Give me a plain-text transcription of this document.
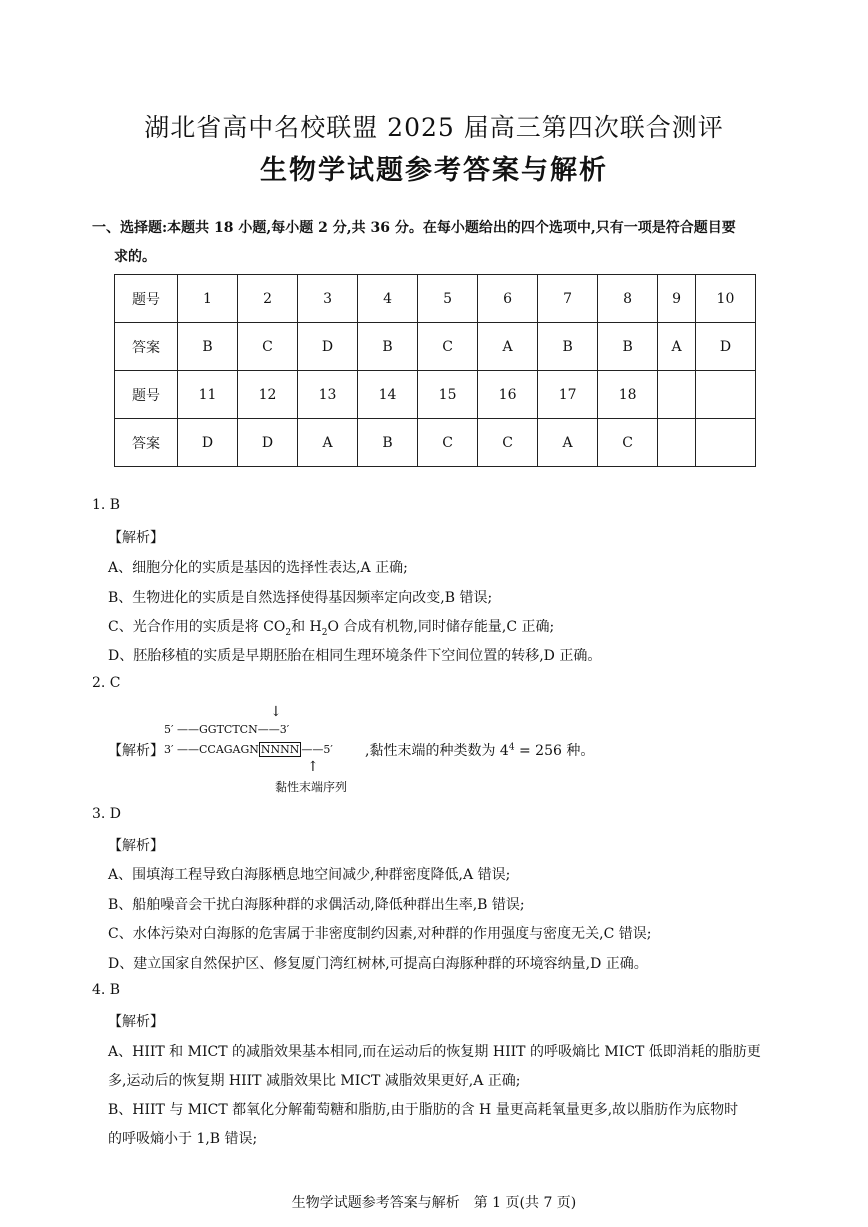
湖北省高中名校联盟 2025 届高三第四次联合测评
生物学试题参考答案与解析
一、选择题:本题共 18 小题,每小题 2 分,共 36 分。在每小题给出的四个选项中,只有一项是符合题目要
求的。
题号	1	2	3	4	5	6	7	8	9	10
答案	B	C	D	B	C	A	B	B	A	D
题号	11	12	13	14	15	16	17	18		
答案	D	D	A	B	C	C	A	C		
1. B
【解析】
A、细胞分化的实质是基因的选择性表达,A 正确;
B、生物进化的实质是自然选择使得基因频率定向改变,B 错误;
C、光合作用的实质是将 $CO_2$和 $H_2O$ 合成有机物,同时储存能量,C 正确;
D、胚胎移植的实质是早期胚胎在相同生理环境条件下空间位置的转移,D 正确。
2. C
【解析】
5′ ——GGTCTCN——3′
↓
3′ ——CCAGAGN NNNN ——5′ ,黏性末端的种类数为 $4^4 = 256$ 种。
↑
黏性末端序列
3. D
【解析】
A、围填海工程导致白海豚栖息地空间减少,种群密度降低,A 错误;
B、船舶噪音会干扰白海豚种群的求偶活动,降低种群出生率,B 错误;
C、水体污染对白海豚的危害属于非密度制约因素,对种群的作用强度与密度无关,C 错误;
D、建立国家自然保护区、修复厦门湾红树林,可提高白海豚种群的环境容纳量,D 正确。
4. B
【解析】
A、HIIT 和 MICT 的减脂效果基本相同,而在运动后的恢复期 HIIT 的呼吸熵比 MICT 低即消耗的脂肪更
多,运动后的恢复期 HIIT 减脂效果比 MICT 减脂效果更好,A 正确;
B、HIIT 与 MICT 都氧化分解葡萄糖和脂肪,由于脂肪的含 H 量更高耗氧量更多,故以脂肪作为底物时
的呼吸熵小于 1,B 错误;
生物学试题参考答案与解析　第 1 页(共 7 页)
